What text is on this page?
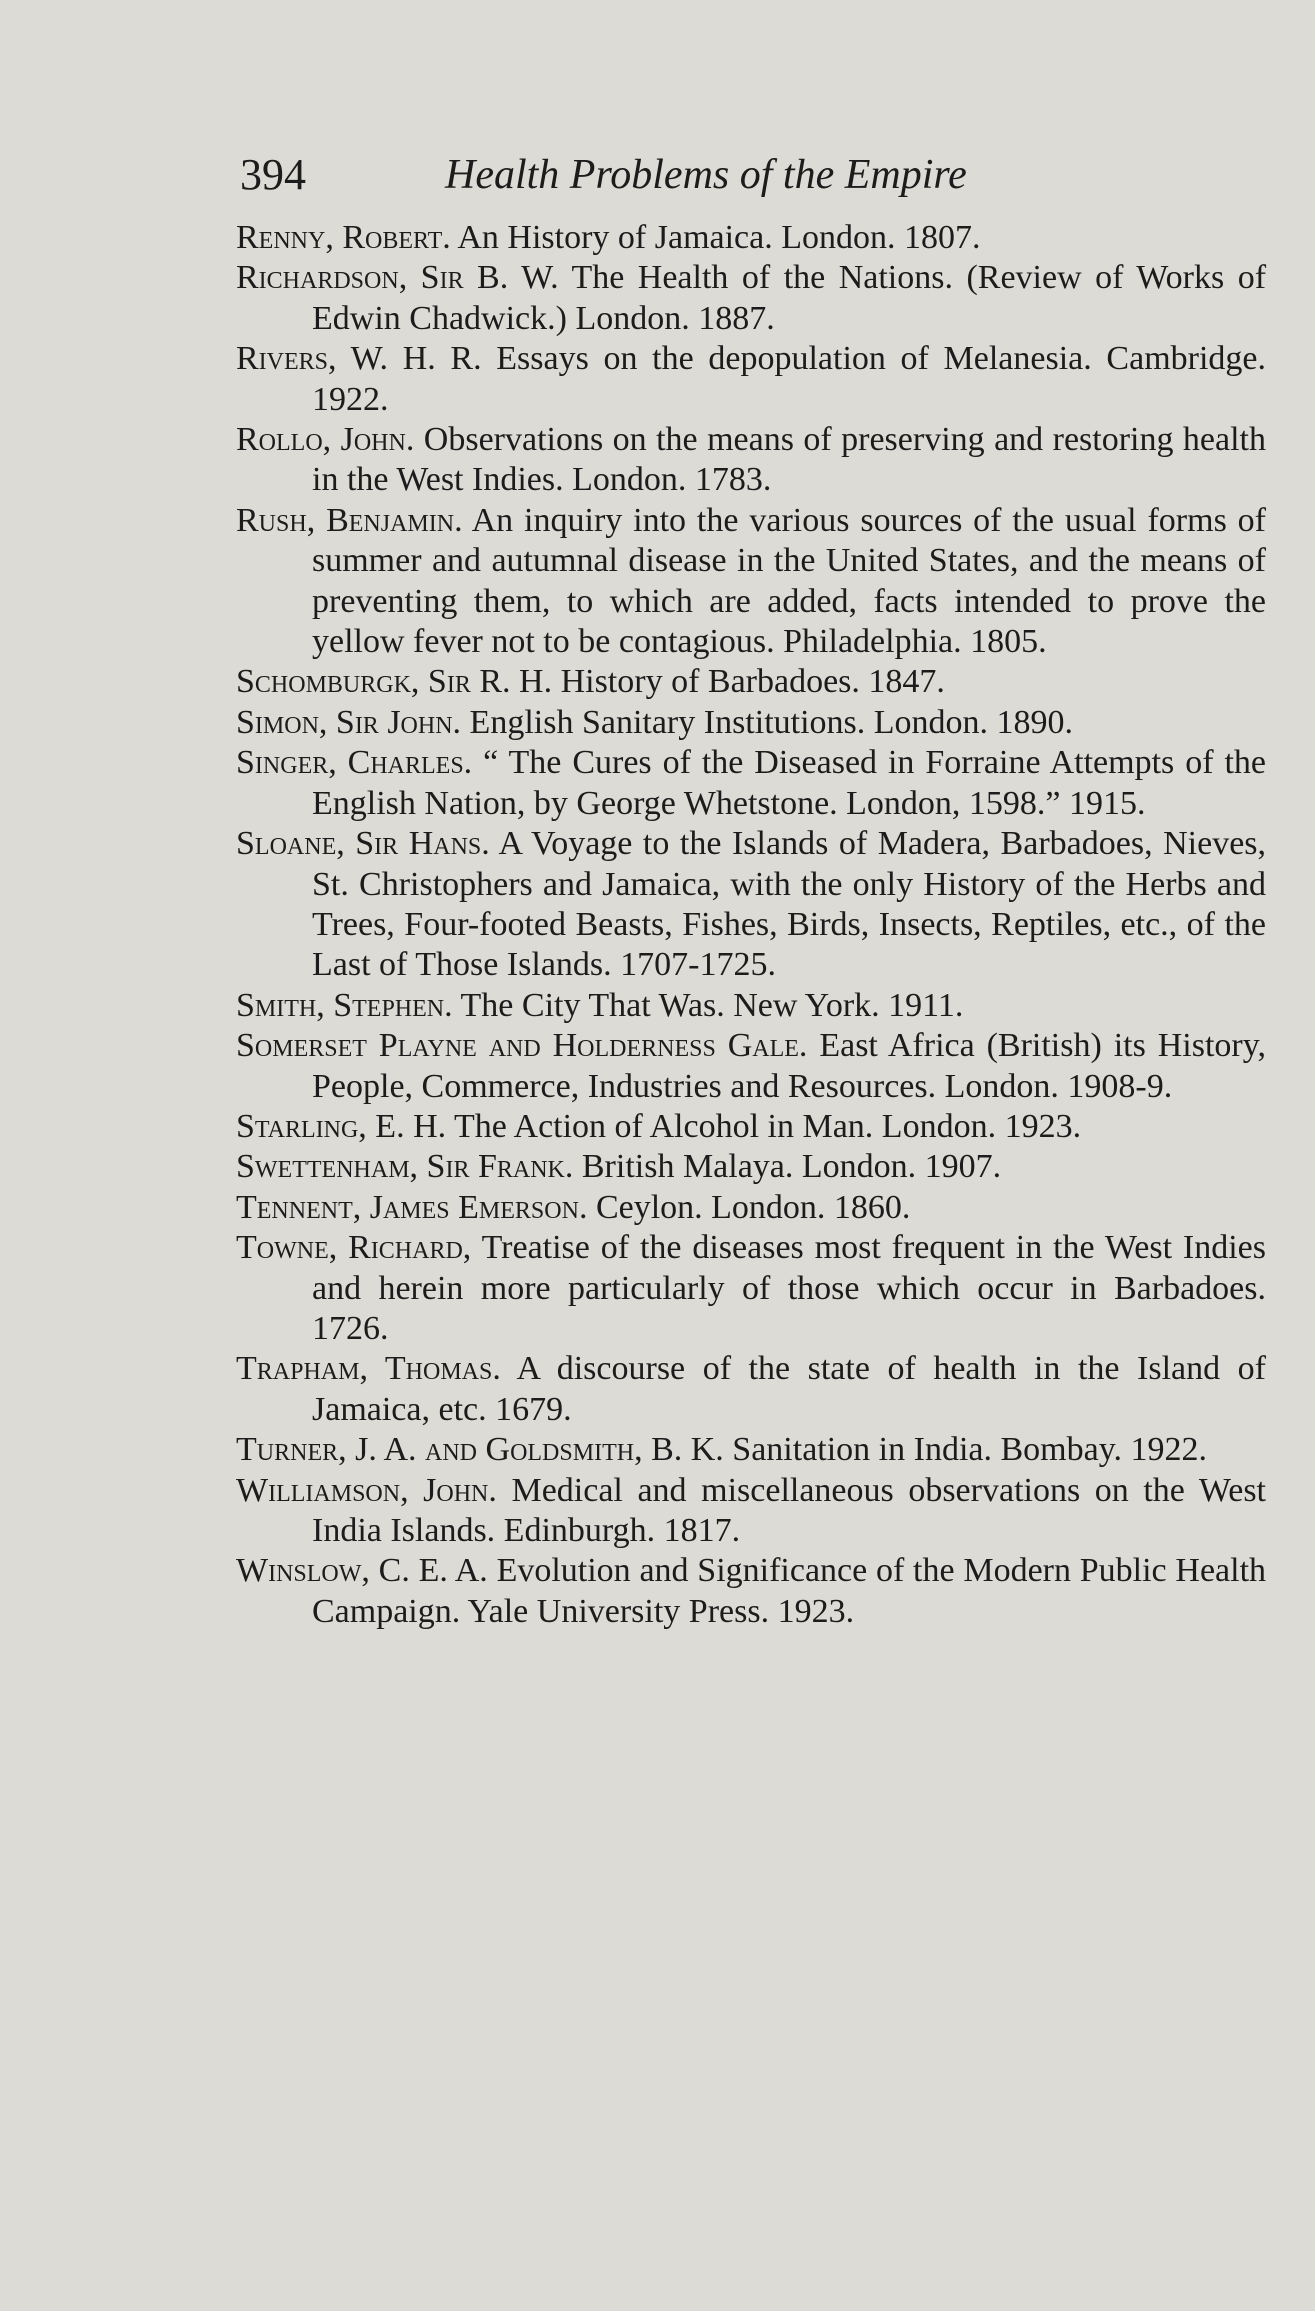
394	Health Problems of the Empire

Renny, Robert. An History of Jamaica. London. 1807.

Richardson, Sir B. W. The Health of the Nations. (Review of Works of Edwin Chadwick.) London. 1887.

Rivers, W. H. R. Essays on the depopulation of Melanesia. Cambridge. 1922.

Rollo, John. Observations on the means of preserving and restoring health in the West Indies. London. 1783.

Rush, Benjamin. An inquiry into the various sources of the usual forms of summer and autumnal disease in the United States, and the means of preventing them, to which are added, facts intended to prove the yellow fever not to be contagious. Philadelphia. 1805.

Schomburgk, Sir R. H. History of Barbadoes. 1847.

Simon, Sir John. English Sanitary Institutions. London. 1890.

Singer, Charles. “ The Cures of the Diseased in Forraine Attempts of the English Nation, by George Whetstone. London, 1598.” 1915.

Sloane, Sir Hans. A Voyage to the Islands of Madera, Barbadoes, Nieves, St. Christophers and Jamaica, with the only History of the Herbs and Trees, Four-footed Beasts, Fishes, Birds, Insects, Reptiles, etc., of the Last of Those Islands. 1707-1725.

Smith, Stephen. The City That Was. New York. 1911.

Somerset Playne and Holderness Gale. East Africa (British) its History, People, Commerce, Industries and Resources. London. 1908-9.

Starling, E. H. The Action of Alcohol in Man. London. 1923.

Swettenham, Sir Frank. British Malaya. London. 1907.

Tennent, James Emerson. Ceylon. London. 1860.

Towne, Richard, Treatise of the diseases most frequent in the West Indies and herein more particularly of those which occur in Barbadoes. 1726.

Trapham, Thomas. A discourse of the state of health in the Island of Jamaica, etc. 1679.

Turner, J. A. and Goldsmith, B. K. Sanitation in India. Bombay. 1922.

Williamson, John. Medical and miscellaneous observations on the West India Islands. Edinburgh. 1817.

Winslow, C. E. A. Evolution and Significance of the Modern Public Health Campaign. Yale University Press. 1923.
